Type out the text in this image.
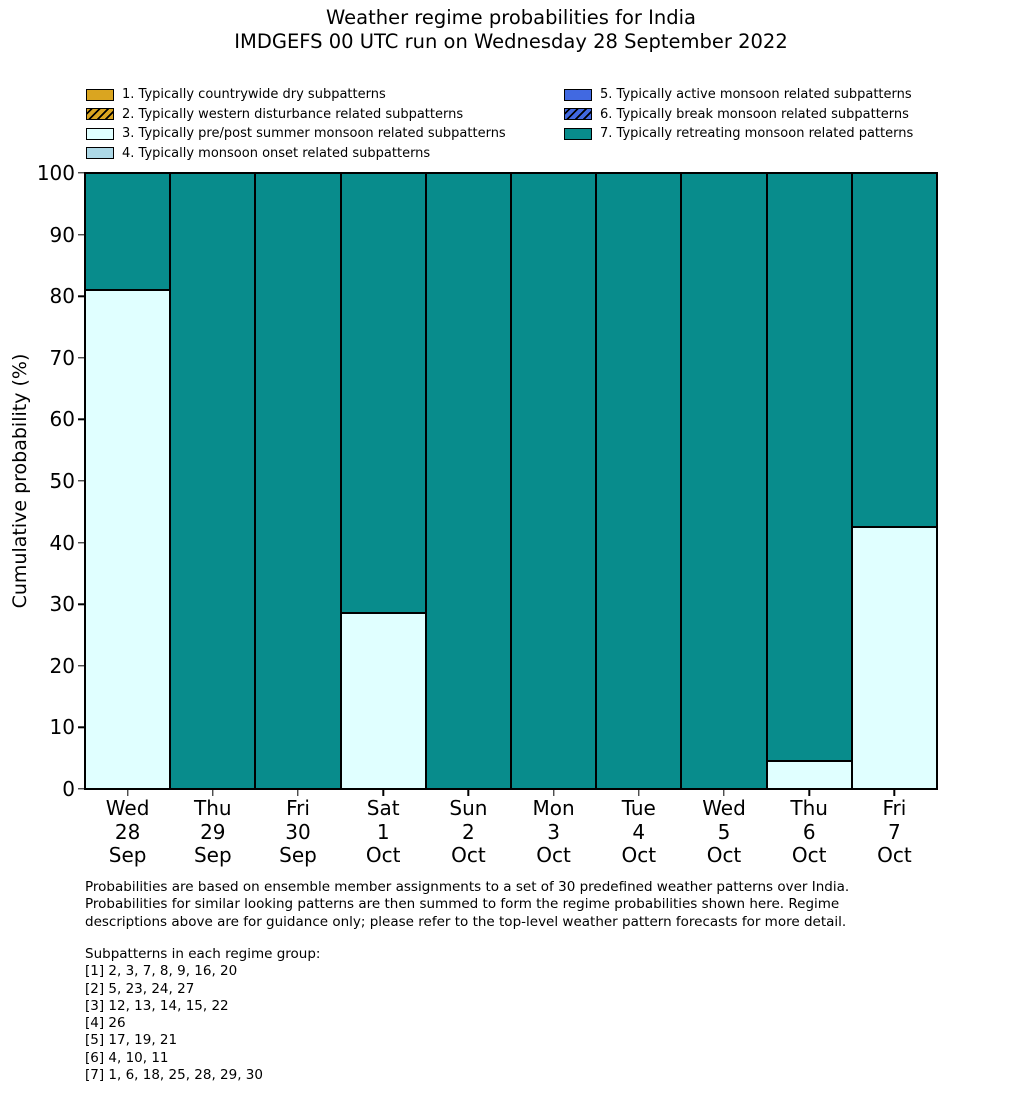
Weather regime probabilities for India
IMDGEFS 00 UTC run on Wednesday 28 September 2022
1. Typically countrywide dry subpatterns
2. Typically western disturbance related subpatterns
3. Typically pre/post summer monsoon related subpatterns
4. Typically monsoon onset related subpatterns
5. Typically active monsoon related subpatterns
6. Typically break monsoon related subpatterns
7. Typically retreating monsoon related patterns
Cumulative probability (%)
0
10
20
30
40
50
60
70
80
90
100
Wed
28
Sep
Thu
29
Sep
Fri
30
Sep
Sat
1
Oct
Sun
2
Oct
Mon
3
Oct
Tue
4
Oct
Wed
5
Oct
Thu
6
Oct
Fri
7
Oct
Probabilities are based on ensemble member assignments to a set of 30 predefined weather patterns over India.
Probabilities for similar looking patterns are then summed to form the regime probabilities shown here. Regime
descriptions above are for guidance only; please refer to the top-level weather pattern forecasts for more detail.
Subpatterns in each regime group:
[1] 2, 3, 7, 8, 9, 16, 20
[2] 5, 23, 24, 27
[3] 12, 13, 14, 15, 22
[4] 26
[5] 17, 19, 21
[6] 4, 10, 11
[7] 1, 6, 18, 25, 28, 29, 30
